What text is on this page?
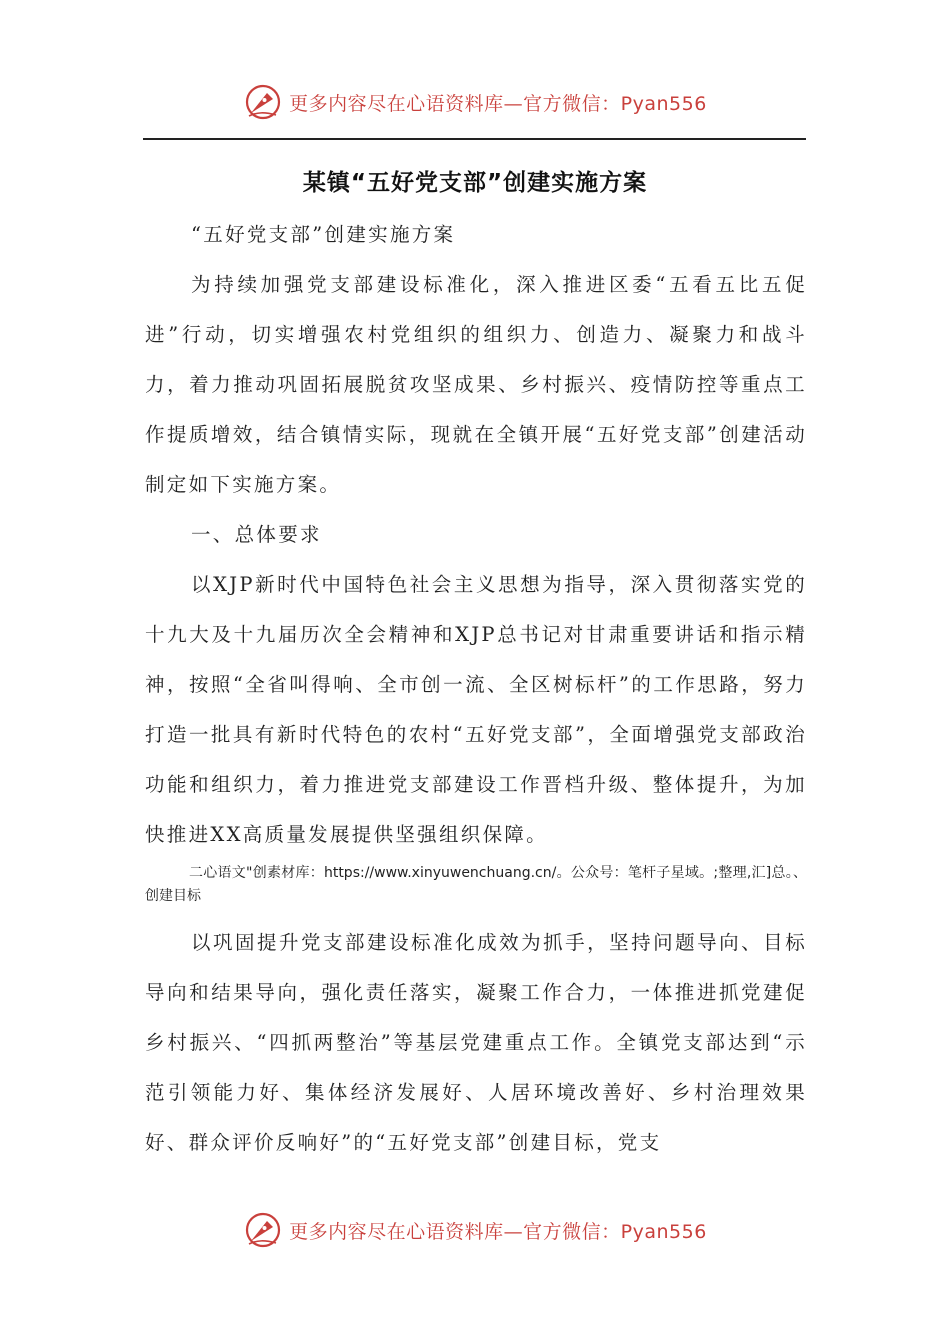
更多内容尽在心语资料库—官方微信：Pyan556
某镇“五好党支部”创建实施方案

“五好党支部”创建实施方案

为持续加强党支部建设标准化，深入推进区委“五看五比五促进”行动，切实增强农村党组织的组织力、创造力、凝聚力和战斗力，着力推动巩固拓展脱贫攻坚成果、乡村振兴、疫情防控等重点工作提质增效，结合镇情实际，现就在全镇开展“五好党支部”创建活动制定如下实施方案。

一、总体要求

以XJP新时代中国特色社会主义思想为指导，深入贯彻落实党的十九大及十九届历次全会精神和XJP总书记对甘肃重要讲话和指示精神，按照“全省叫得响、全市创一流、全区树标杆”的工作思路，努力打造一批具有新时代特色的农村“五好党支部”，全面增强党支部政治功能和组织力，着力推进党支部建设工作晋档升级、整体提升，为加快推进XX高质量发展提供坚强组织保障。

二心语文"创素材库：https://www.xinyuwenchuang.cn/。公众号：笔杆子星域。;整理,汇]总。、创建目标

以巩固提升党支部建设标准化成效为抓手，坚持问题导向、目标导向和结果导向，强化责任落实，凝聚工作合力，一体推进抓党建促乡村振兴、“四抓两整治”等基层党建重点工作。全镇党支部达到“示范引领能力好、集体经济发展好、人居环境改善好、乡村治理效果好、群众评价反响好”的“五好党支部”创建目标，党支

更多内容尽在心语资料库—官方微信：Pyan556
